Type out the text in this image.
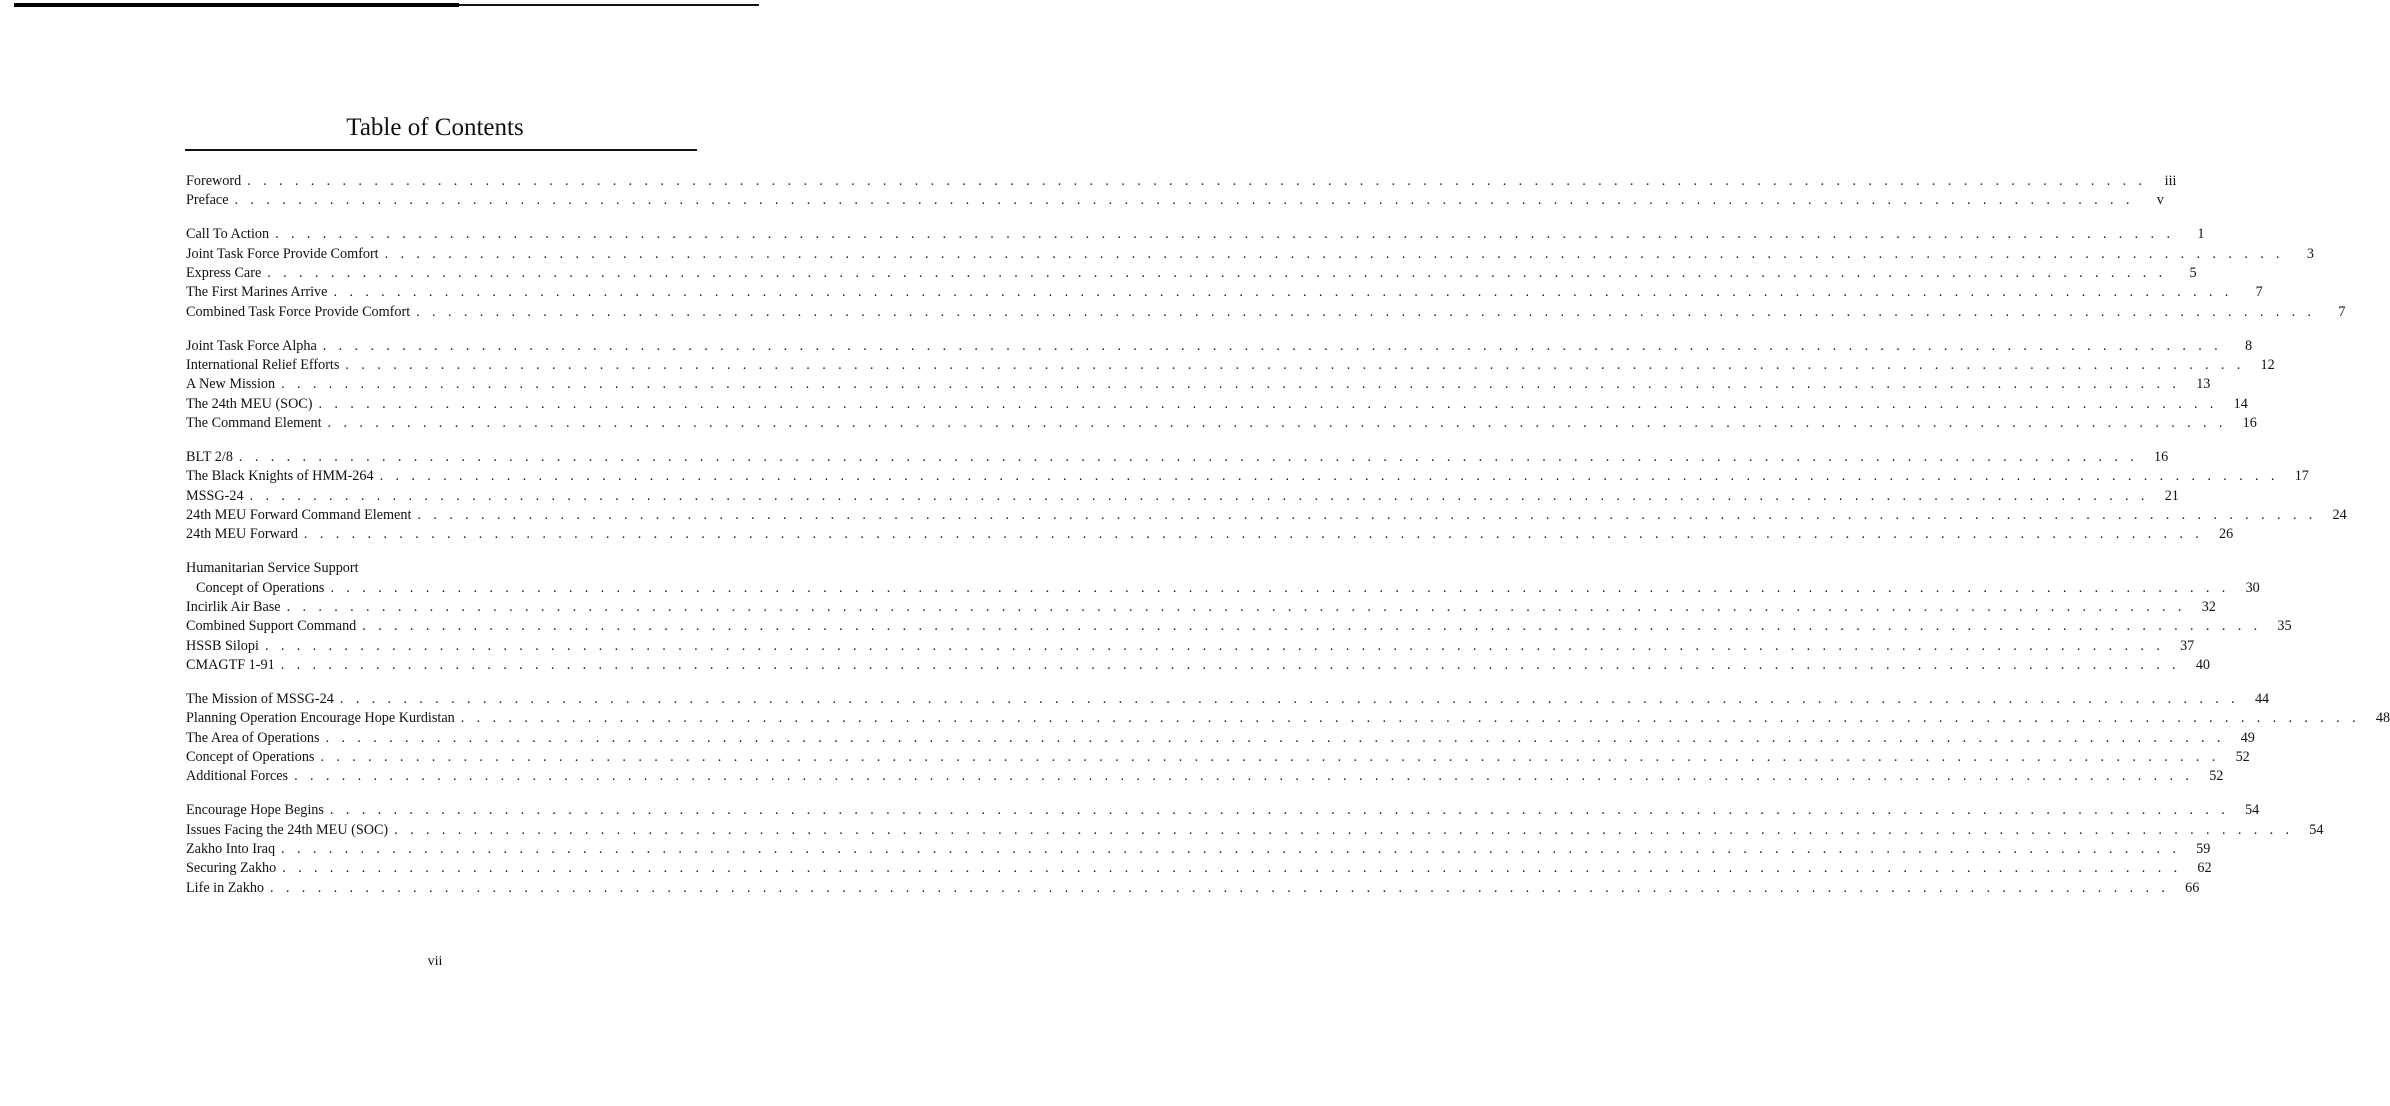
Table of Contents
Foreword . . . . . . . . . . . . . . . . . . . . . . . . . . . . . . . . . . . . . . . . . . . . . . . . . . . . . . . . . . . . . . . . . . . . . . . . . . . . . . . . . . . . . . . . . . . . . . . . . . . . . . . . . . . . . . . . . . . . . . . .	iii
Preface . . . . . . . . . . . . . . . . . . . . . . . . . . . . . . . . . . . . . . . . . . . . . . . . . . . . . . . . . . . . . . . . . . . . . . . . . . . . . . . . . . . . . . . . . . . . . . . . . . . . . . . . . . . . . . . . . . . . . . . .	v
Call To Action . . . . . . . . . . . . . . . . . . . . . . . . . . . . . . . . . . . . . . . . . . . . . . . . . . . . . . . . . . . . . . . . . . . . . . . . . . . . . . . . . . . . . . . . . . . . . . . . . . . . . . . . . . . . . . . . . . . . . . . .	1
Joint Task Force Provide Comfort . . . . . . . . . . . . . . . . . . . . . . . . . . . . . . . . . . . . . . . . . . . . . . . . . . . . . . . . . . . . . . . . . . . . . . . . . . . . . . . . . . . . . . . . . . . . . . . . . . . . . . . . . . . . . . . . . . . . . . . .	3
Express Care . . . . . . . . . . . . . . . . . . . . . . . . . . . . . . . . . . . . . . . . . . . . . . . . . . . . . . . . . . . . . . . . . . . . . . . . . . . . . . . . . . . . . . . . . . . . . . . . . . . . . . . . . . . . . . . . . . . . . . . .	5
The First Marines Arrive . . . . . . . . . . . . . . . . . . . . . . . . . . . . . . . . . . . . . . . . . . . . . . . . . . . . . . . . . . . . . . . . . . . . . . . . . . . . . . . . . . . . . . . . . . . . . . . . . . . . . . . . . . . . . . . . . . . . . . . .	7
Combined Task Force Provide Comfort . . . . . . . . . . . . . . . . . . . . . . . . . . . . . . . . . . . . . . . . . . . . . . . . . . . . . . . . . . . . . . . . . . . . . . . . . . . . . . . . . . . . . . . . . . . . . . . . . . . . . . . . . . . . . . . . . . . . . . . .	7
Joint Task Force Alpha . . . . . . . . . . . . . . . . . . . . . . . . . . . . . . . . . . . . . . . . . . . . . . . . . . . . . . . . . . . . . . . . . . . . . . . . . . . . . . . . . . . . . . . . . . . . . . . . . . . . . . . . . . . . . . . . . . . . . . . .	8
International Relief Efforts . . . . . . . . . . . . . . . . . . . . . . . . . . . . . . . . . . . . . . . . . . . . . . . . . . . . . . . . . . . . . . . . . . . . . . . . . . . . . . . . . . . . . . . . . . . . . . . . . . . . . . . . . . . . . . . . . . . . . . . .	12
A New Mission . . . . . . . . . . . . . . . . . . . . . . . . . . . . . . . . . . . . . . . . . . . . . . . . . . . . . . . . . . . . . . . . . . . . . . . . . . . . . . . . . . . . . . . . . . . . . . . . . . . . . . . . . . . . . . . . . . . . . . . .	13
The 24th MEU (SOC) . . . . . . . . . . . . . . . . . . . . . . . . . . . . . . . . . . . . . . . . . . . . . . . . . . . . . . . . . . . . . . . . . . . . . . . . . . . . . . . . . . . . . . . . . . . . . . . . . . . . . . . . . . . . . . . . . . . . . . . .	14
The Command Element . . . . . . . . . . . . . . . . . . . . . . . . . . . . . . . . . . . . . . . . . . . . . . . . . . . . . . . . . . . . . . . . . . . . . . . . . . . . . . . . . . . . . . . . . . . . . . . . . . . . . . . . . . . . . . . . . . . . . . . .	16
BLT 2/8 . . . . . . . . . . . . . . . . . . . . . . . . . . . . . . . . . . . . . . . . . . . . . . . . . . . . . . . . . . . . . . . . . . . . . . . . . . . . . . . . . . . . . . . . . . . . . . . . . . . . . . . . . . . . . . . . . . . . . . . .	16
The Black Knights of HMM-264 . . . . . . . . . . . . . . . . . . . . . . . . . . . . . . . . . . . . . . . . . . . . . . . . . . . . . . . . . . . . . . . . . . . . . . . . . . . . . . . . . . . . . . . . . . . . . . . . . . . . . . . . . . . . . . . . . . . . . . . .	17
MSSG-24 . . . . . . . . . . . . . . . . . . . . . . . . . . . . . . . . . . . . . . . . . . . . . . . . . . . . . . . . . . . . . . . . . . . . . . . . . . . . . . . . . . . . . . . . . . . . . . . . . . . . . . . . . . . . . . . . . . . . . . . .	21
24th MEU Forward Command Element . . . . . . . . . . . . . . . . . . . . . . . . . . . . . . . . . . . . . . . . . . . . . . . . . . . . . . . . . . . . . . . . . . . . . . . . . . . . . . . . . . . . . . . . . . . . . . . . . . . . . . . . . . . . . . . . . . . . . . . .	24
24th MEU Forward . . . . . . . . . . . . . . . . . . . . . . . . . . . . . . . . . . . . . . . . . . . . . . . . . . . . . . . . . . . . . . . . . . . . . . . . . . . . . . . . . . . . . . . . . . . . . . . . . . . . . . . . . . . . . . . . . . . . . . . .	26
Humanitarian Service Support
Concept of Operations . . . . . . . . . . . . . . . . . . . . . . . . . . . . . . . . . . . . . . . . . . . . . . . . . . . . . . . . . . . . . . . . . . . . . . . . . . . . . . . . . . . . . . . . . . . . . . . . . . . . . . . . . . . . . . . . . . . . . . . .	30
Incirlik Air Base . . . . . . . . . . . . . . . . . . . . . . . . . . . . . . . . . . . . . . . . . . . . . . . . . . . . . . . . . . . . . . . . . . . . . . . . . . . . . . . . . . . . . . . . . . . . . . . . . . . . . . . . . . . . . . . . . . . . . . . .	32
Combined Support Command . . . . . . . . . . . . . . . . . . . . . . . . . . . . . . . . . . . . . . . . . . . . . . . . . . . . . . . . . . . . . . . . . . . . . . . . . . . . . . . . . . . . . . . . . . . . . . . . . . . . . . . . . . . . . . . . . . . . . . . .	35
HSSB Silopi . . . . . . . . . . . . . . . . . . . . . . . . . . . . . . . . . . . . . . . . . . . . . . . . . . . . . . . . . . . . . . . . . . . . . . . . . . . . . . . . . . . . . . . . . . . . . . . . . . . . . . . . . . . . . . . . . . . . . . . .	37
CMAGTF 1-91 . . . . . . . . . . . . . . . . . . . . . . . . . . . . . . . . . . . . . . . . . . . . . . . . . . . . . . . . . . . . . . . . . . . . . . . . . . . . . . . . . . . . . . . . . . . . . . . . . . . . . . . . . . . . . . . . . . . . . . . .	40
The Mission of MSSG-24 . . . . . . . . . . . . . . . . . . . . . . . . . . . . . . . . . . . . . . . . . . . . . . . . . . . . . . . . . . . . . . . . . . . . . . . . . . . . . . . . . . . . . . . . . . . . . . . . . . . . . . . . . . . . . . . . . . . . . . . .	44
Planning Operation Encourage Hope Kurdistan . . . . . . . . . . . . . . . . . . . . . . . . . . . . . . . . . . . . . . . . . . . . . . . . . . . . . . . . . . . . . . . . . . . . . . . . . . . . . . . . . . . . . . . . . . . . . . . . . . . . . . . . . . . . . . . . . . . . . . . .	48
The Area of Operations . . . . . . . . . . . . . . . . . . . . . . . . . . . . . . . . . . . . . . . . . . . . . . . . . . . . . . . . . . . . . . . . . . . . . . . . . . . . . . . . . . . . . . . . . . . . . . . . . . . . . . . . . . . . . . . . . . . . . . . .	49
Concept of Operations . . . . . . . . . . . . . . . . . . . . . . . . . . . . . . . . . . . . . . . . . . . . . . . . . . . . . . . . . . . . . . . . . . . . . . . . . . . . . . . . . . . . . . . . . . . . . . . . . . . . . . . . . . . . . . . . . . . . . . . .	52
Additional Forces . . . . . . . . . . . . . . . . . . . . . . . . . . . . . . . . . . . . . . . . . . . . . . . . . . . . . . . . . . . . . . . . . . . . . . . . . . . . . . . . . . . . . . . . . . . . . . . . . . . . . . . . . . . . . . . . . . . . . . . .	52
Encourage Hope Begins . . . . . . . . . . . . . . . . . . . . . . . . . . . . . . . . . . . . . . . . . . . . . . . . . . . . . . . . . . . . . . . . . . . . . . . . . . . . . . . . . . . . . . . . . . . . . . . . . . . . . . . . . . . . . . . . . . . . . . . .	54
Issues Facing the 24th MEU (SOC) . . . . . . . . . . . . . . . . . . . . . . . . . . . . . . . . . . . . . . . . . . . . . . . . . . . . . . . . . . . . . . . . . . . . . . . . . . . . . . . . . . . . . . . . . . . . . . . . . . . . . . . . . . . . . . . . . . . . . . . .	54
Zakho Into Iraq . . . . . . . . . . . . . . . . . . . . . . . . . . . . . . . . . . . . . . . . . . . . . . . . . . . . . . . . . . . . . . . . . . . . . . . . . . . . . . . . . . . . . . . . . . . . . . . . . . . . . . . . . . . . . . . . . . . . . . . .	59
Securing Zakho . . . . . . . . . . . . . . . . . . . . . . . . . . . . . . . . . . . . . . . . . . . . . . . . . . . . . . . . . . . . . . . . . . . . . . . . . . . . . . . . . . . . . . . . . . . . . . . . . . . . . . . . . . . . . . . . . . . . . . . .	62
Life in Zakho . . . . . . . . . . . . . . . . . . . . . . . . . . . . . . . . . . . . . . . . . . . . . . . . . . . . . . . . . . . . . . . . . . . . . . . . . . . . . . . . . . . . . . . . . . . . . . . . . . . . . . . . . . . . . . . . . . . . . . . .	66
vii
